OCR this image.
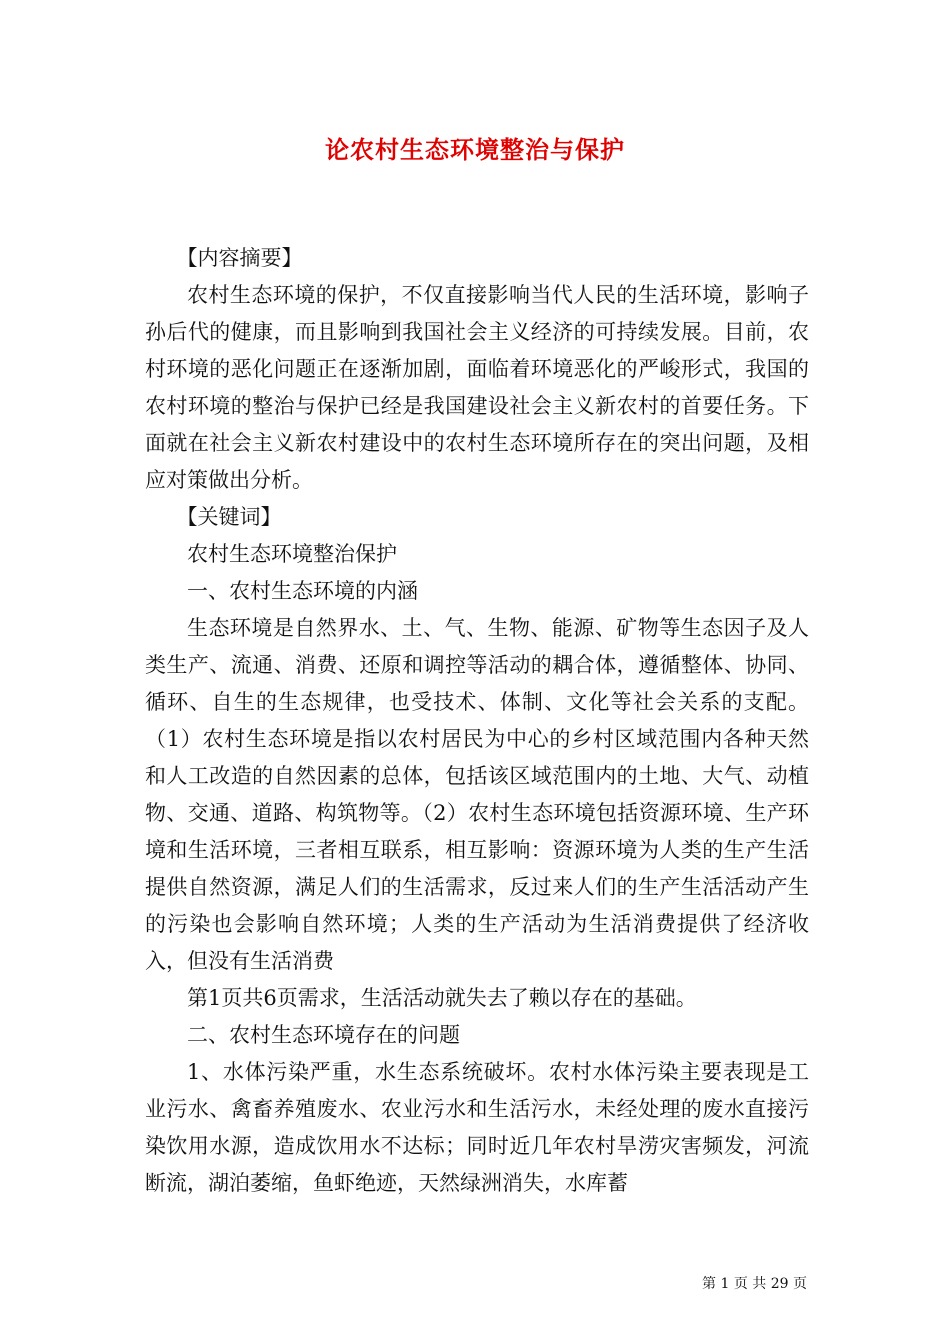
论农村生态环境整治与保护

【内容摘要】

农村生态环境的保护，不仅直接影响当代人民的生活环境，影响子孙后代的健康，而且影响到我国社会主义经济的可持续发展。目前，农村环境的恶化问题正在逐渐加剧，面临着环境恶化的严峻形式，我国的农村环境的整治与保护已经是我国建设社会主义新农村的首要任务。下面就在社会主义新农村建设中的农村生态环境所存在的突出问题，及相应对策做出分析。

【关键词】

农村生态环境整治保护

一、农村生态环境的内涵

生态环境是自然界水、土、气、生物、能源、矿物等生态因子及人类生产、流通、消费、还原和调控等活动的耦合体，遵循整体、协同、循环、自生的生态规律，也受技术、体制、文化等社会关系的支配。（1）农村生态环境是指以农村居民为中心的乡村区域范围内各种天然和人工改造的自然因素的总体，包括该区域范围内的土地、大气、动植物、交通、道路、构筑物等。（2）农村生态环境包括资源环境、生产环境和生活环境，三者相互联系，相互影响：资源环境为人类的生产生活提供自然资源，满足人们的生活需求，反过来人们的生产生活活动产生的污染也会影响自然环境；人类的生产活动为生活消费提供了经济收入，但没有生活消费

第1页共6页需求，生活活动就失去了赖以存在的基础。

二、农村生态环境存在的问题

1、水体污染严重，水生态系统破坏。农村水体污染主要表现是工业污水、禽畜养殖废水、农业污水和生活污水，未经处理的废水直接污染饮用水源，造成饮用水不达标；同时近几年农村旱涝灾害频发，河流断流，湖泊萎缩，鱼虾绝迹，天然绿洲消失，水库蓄

第 1 页 共 29 页
